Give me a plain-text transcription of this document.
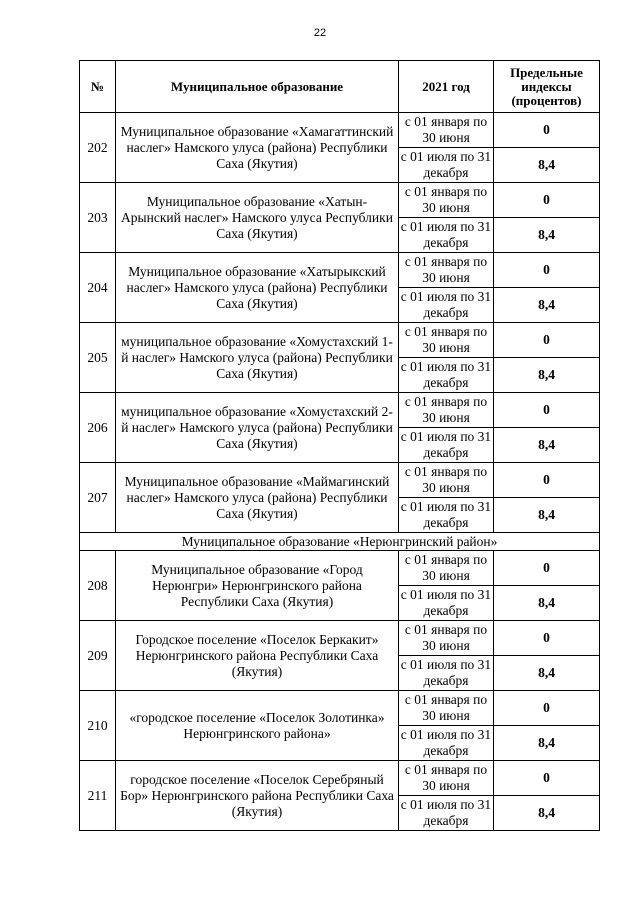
22
№	Муниципальное образование	2021 год	Предельные индексы (процентов)
202	Муниципальное образование «Хамагаттинский наслег» Намского улуса (района) Республики Саха (Якутия)	с 01 января по 30 июня	0
		с 01 июля по 31 декабря	8,4
203	Муниципальное образование «Хатын-Арынский наслег» Намского улуса Республики Саха (Якутия)	с 01 января по 30 июня	0
		с 01 июля по 31 декабря	8,4
204	Муниципальное образование «Хатырыкский наслег» Намского улуса (района) Республики Саха (Якутия)	с 01 января по 30 июня	0
		с 01 июля по 31 декабря	8,4
205	муниципальное образование «Хомустахский 1-й наслег» Намского улуса (района) Республики Саха (Якутия)	с 01 января по 30 июня	0
		с 01 июля по 31 декабря	8,4
206	муниципальное образование «Хомустахский 2-й наслег» Намского улуса (района) Республики Саха (Якутия)	с 01 января по 30 июня	0
		с 01 июля по 31 декабря	8,4
207	Муниципальное образование «Маймагинский наслег» Намского улуса (района) Республики Саха (Якутия)	с 01 января по 30 июня	0
		с 01 июля по 31 декабря	8,4
Муниципальное образование «Нерюнгринский район»			
208	Муниципальное образование «Город Нерюнгри» Нерюнгринского района Республики Саха (Якутия)	с 01 января по 30 июня	0
		с 01 июля по 31 декабря	8,4
209	Городское поселение «Поселок Беркакит» Нерюнгринского района Республики Саха (Якутия)	с 01 января по 30 июня	0
		с 01 июля по 31 декабря	8,4
210	«городское поселение «Поселок Золотинка» Нерюнгринского района»	с 01 января по 30 июня	0
		с 01 июля по 31 декабря	8,4
211	городское поселение «Поселок Серебряный Бор» Нерюнгринского района Республики Саха (Якутия)	с 01 января по 30 июня	0
		с 01 июля по 31 декабря	8,4
